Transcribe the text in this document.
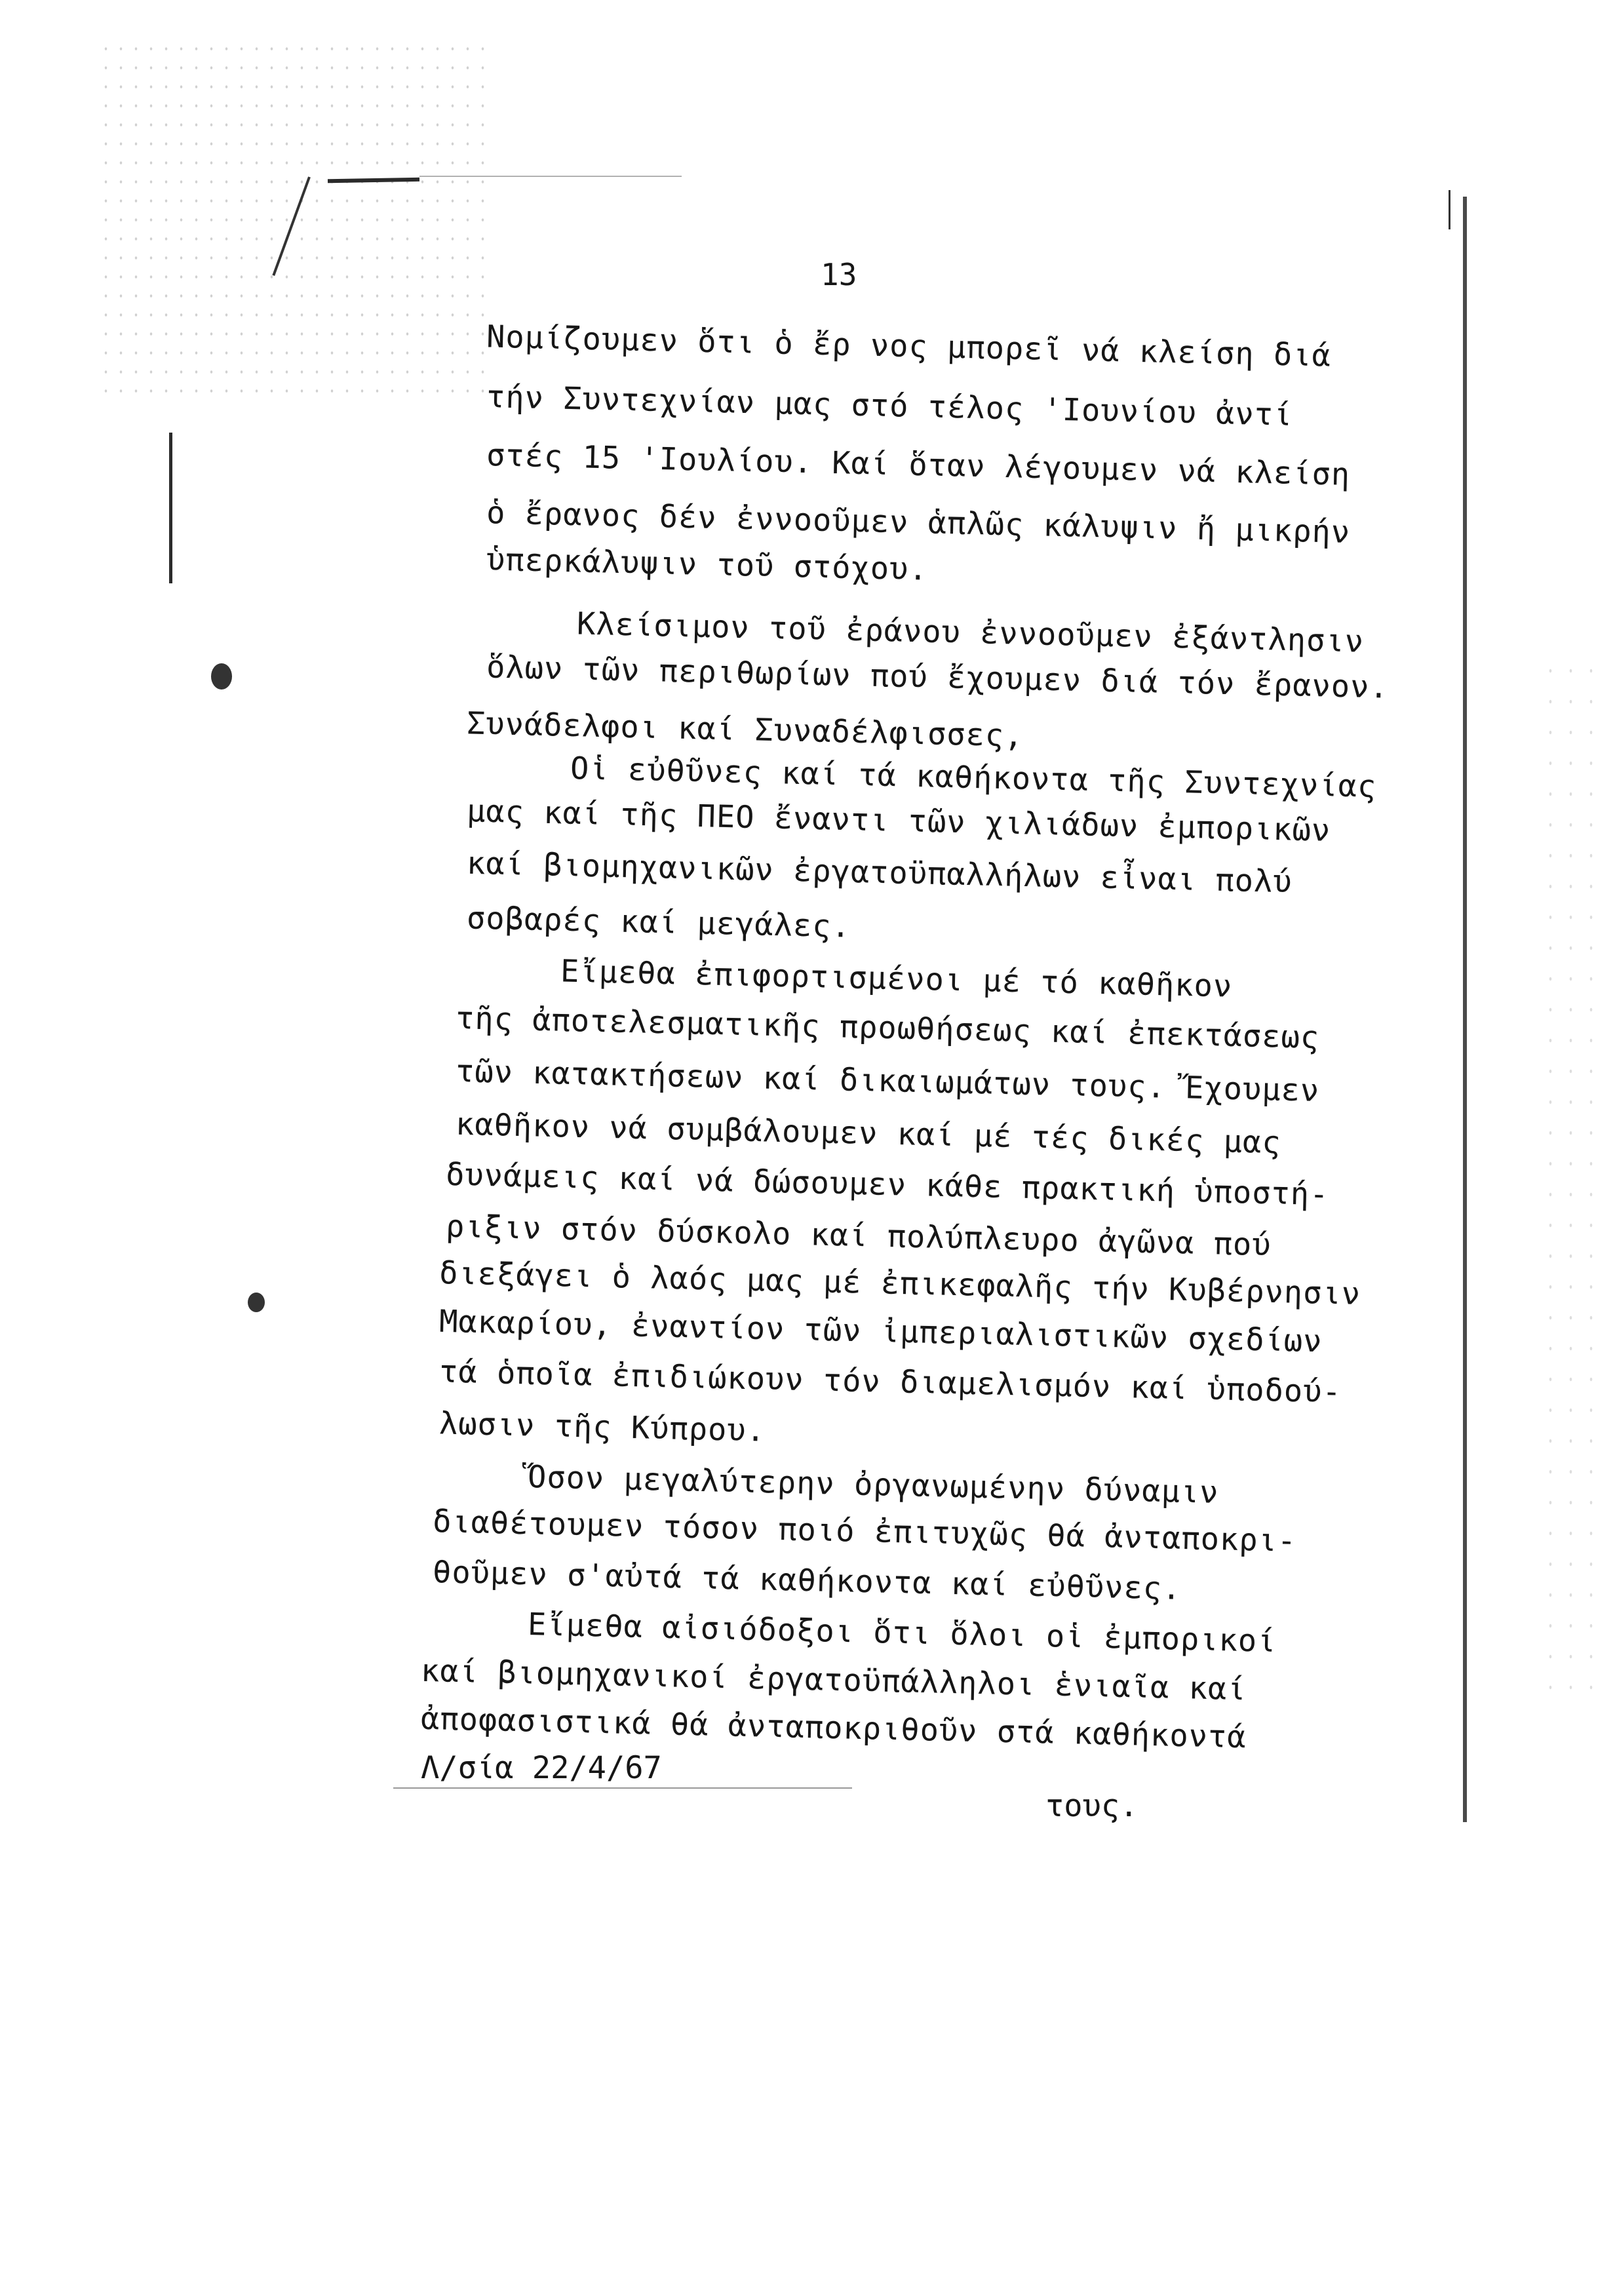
13
Νομίζουμεν ὅτι ὁ ἔρ νος μπορεῖ νά κλείση διά
τήν Συντεχνίαν μας στό τέλος 'Ιουνίου ἀντί
στές 15 'Ιουλίου. Καί ὅταν λέγουμεν νά κλείση
ὁ ἔρανος δέν ἐννοοῦμεν ἁπλῶς κάλυψιν ἤ μικρήν
ὑπερκάλυψιν τοῦ στόχου.
Κλείσιμον τοῦ ἐράνου ἐννοοῦμεν ἐξάντλησιν
ὅλων τῶν περιθωρίων πού ἔχουμεν διά τόν ἔρανον.
Συνάδελφοι καί Συναδέλφισσες,
Οἱ εὐθῦνες καί τά καθήκοντα τῆς Συντεχνίας
μας καί τῆς ΠΕΟ ἔναντι τῶν χιλιάδων ἐμπορικῶν
καί βιομηχανικῶν ἐργατοϋπαλλήλων εἶναι πολύ
σοβαρές καί μεγάλες.
Εἴμεθα ἐπιφορτισμένοι μέ τό καθῆκον
τῆς ἀποτελεσματικῆς προωθήσεως καί ἐπεκτάσεως
τῶν κατακτήσεων καί δικαιωμάτων τους. Ἔχουμεν
καθῆκον νά συμβάλουμεν καί μέ τές δικές μας
δυνάμεις καί νά δώσουμεν κάθε πρακτική ὑποστή-
ριξιν στόν δύσκολο καί πολύπλευρο ἀγῶνα πού
διεξάγει ὁ λαός μας μέ ἐπικεφαλῆς τήν Κυβέρνησιν
Μακαρίου, ἐναντίον τῶν ἰμπεριαλιστικῶν σχεδίων
τά ὁποῖα ἐπιδιώκουν τόν διαμελισμόν καί ὑποδού-
λωσιν τῆς Κύπρου.
Ὅσον μεγαλύτερην ὀργανωμένην δύναμιν
διαθέτουμεν τόσον ποιό ἐπιτυχῶς θά ἀνταποκρι-
θοῦμεν σ'αὐτά τά καθήκοντα καί εὐθῦνες.
Εἴμεθα αἰσιόδοξοι ὅτι ὅλοι οἱ ἐμπορικοί
καί βιομηχανικοί ἐργατοϋπάλληλοι ἑνιαῖα καί
ἀποφασιστικά θά ἀνταποκριθοῦν στά καθήκοντά
Λ/σία 22/4/67
τους.
